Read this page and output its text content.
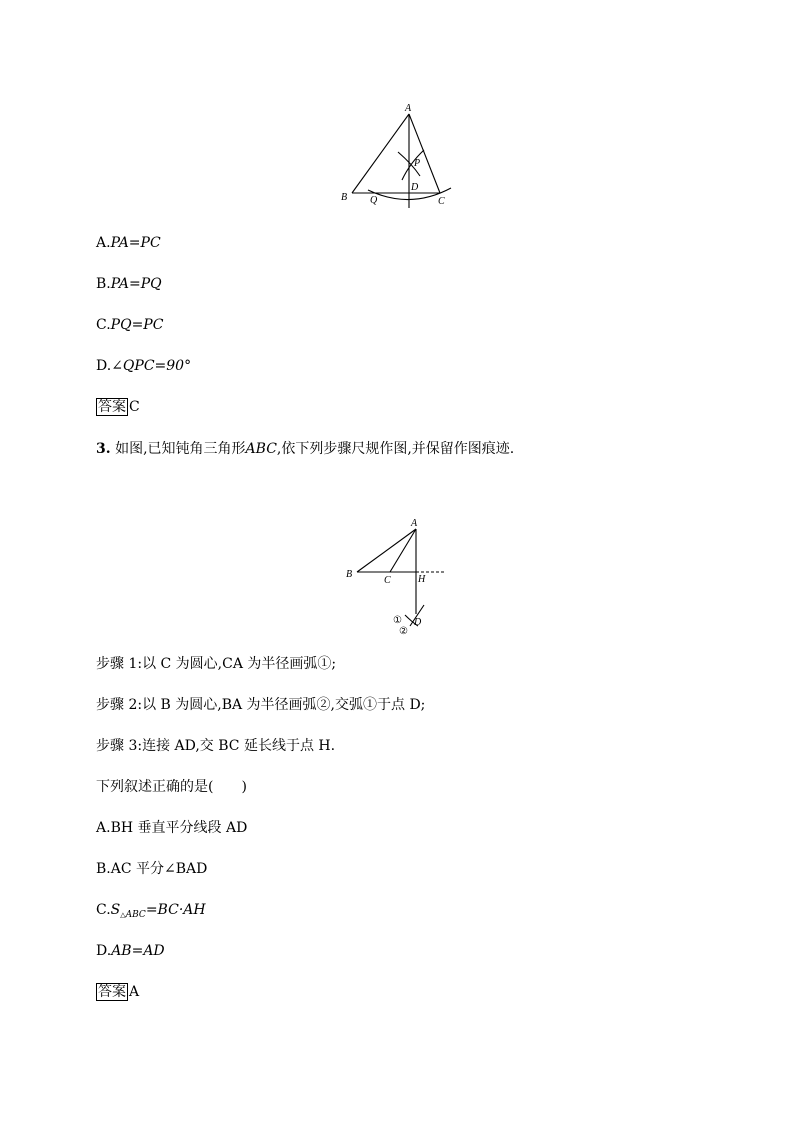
A
B	C
D
P
Q
A.PA=PC
B.PA=PQ
C.PQ=PC
D.∠QPC=90°
答案 C
3. 如图,已知钝角三角形ABC,依下列步骤尺规作图,并保留作图痕迹.
A
B
C	H
D
①
②
步骤 1:以 C 为圆心,CA 为半径画弧①;
步骤 2:以 B 为圆心,BA 为半径画弧②,交弧①于点 D;
步骤 3:连接 AD,交 BC 延长线于点 H.
下列叙述正确的是(　　)
A.BH 垂直平分线段 AD
B.AC 平分∠BAD
$C.S_{\triangle ABC}=BC\cdot AH$
D.AB=AD
答案 A
